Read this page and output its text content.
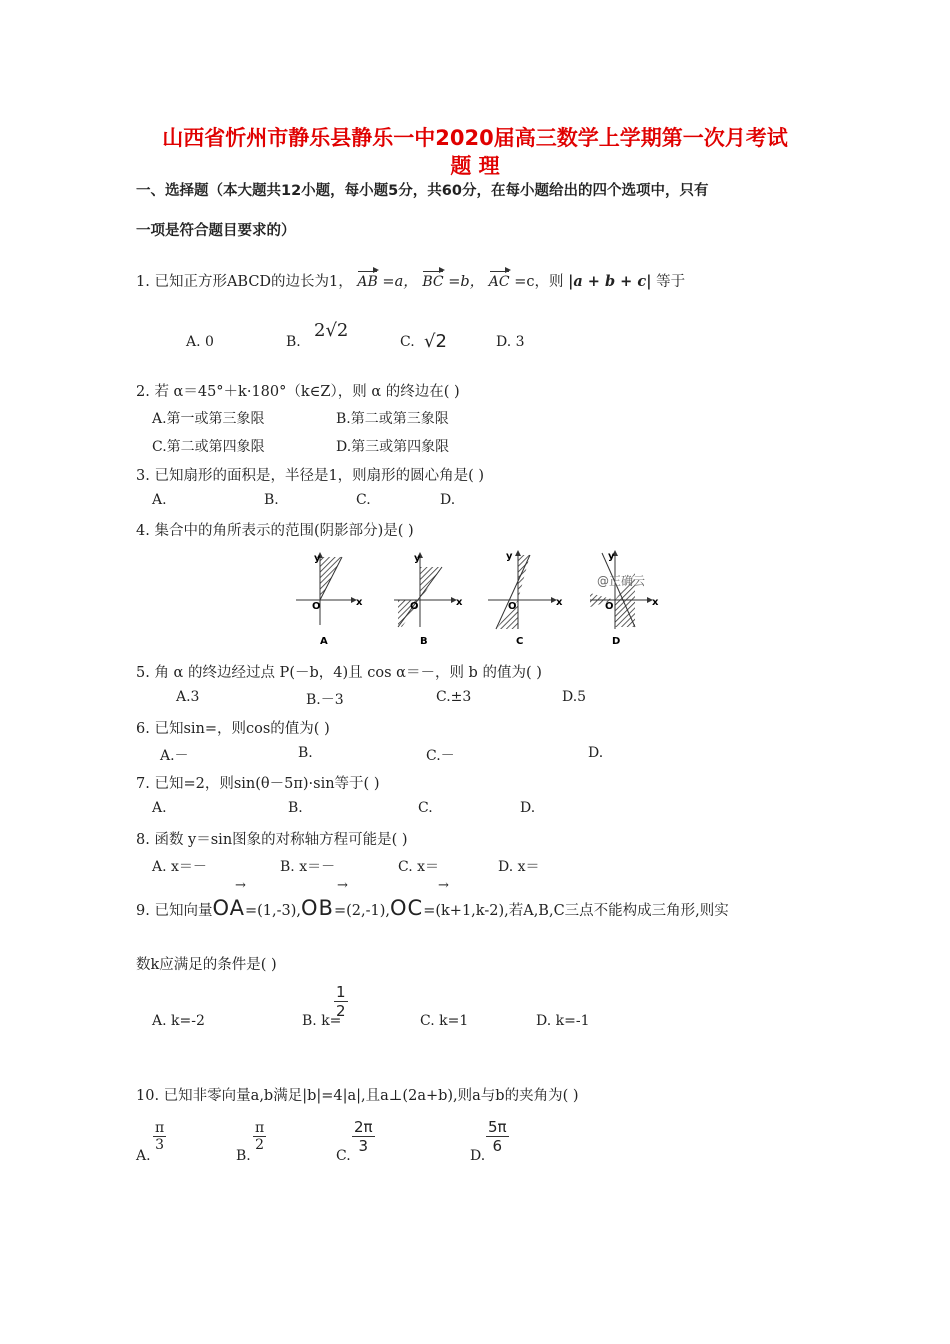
山西省忻州市静乐县静乐一中2020届高三数学上学期第一次月考试
题 理
一、选择题（本大题共12小题，每小题5分，共60分，在每小题给出的四个选项中，只有
一项是符合题目要求的）
1. 已知正方形ABCD的边长为1， AB =a， BC =b， AC =c，则 |a + b + c| 等于
A. 0	B.
2√2
C. √2	D. 3
2. 若 α＝45°＋k·180°（k∈Z），则 α 的终边在( )
A.第一或第三象限	B.第二或第三象限
C.第二或第四象限	D.第三或第四象限
3. 已知扇形的面积是，半径是1，则扇形的圆心角是( )
A.	B.	C.	D.
4. 集合中的角所表示的范围(阴影部分)是( )
y
O	x
A
y
O	x
B
y
O	x
C
y
O	x
D
@正确云
5. 角 α 的终边经过点 P(－b，4)且 cos α＝－，则 b 的值为( )
A.3	B.－3	C.±3	D.5
6. 已知sin=，则cos的值为( )
A.－	B.	C.－	D.
7. 已知=2，则sin(θ－5π)·sin等于( )
A.	B.	C.	D.
8. 函数 y＝sin图象的对称轴方程可能是( )
A. x＝－	B. x＝－	C. x＝	D. x＝
→	→	→
9. 已知向量OA=(1,-3),OB=(2,-1),OC=(k+1,k-2),若A,B,C三点不能构成三角形,则实
数k应满足的条件是( )
A. k=-2	B. k=
$\frac{1}{2}$
C. k=1	D. k=-1
10. 已知非零向量a,b满足|b|=4|a|,且a⊥(2a+b),则a与b的夹角为( )
A.
$\frac{\pi}{3}$
B.
$\frac{\pi}{2}$
C.
$\frac{2\pi}{3}$
D.
$\frac{5\pi}{6}$
